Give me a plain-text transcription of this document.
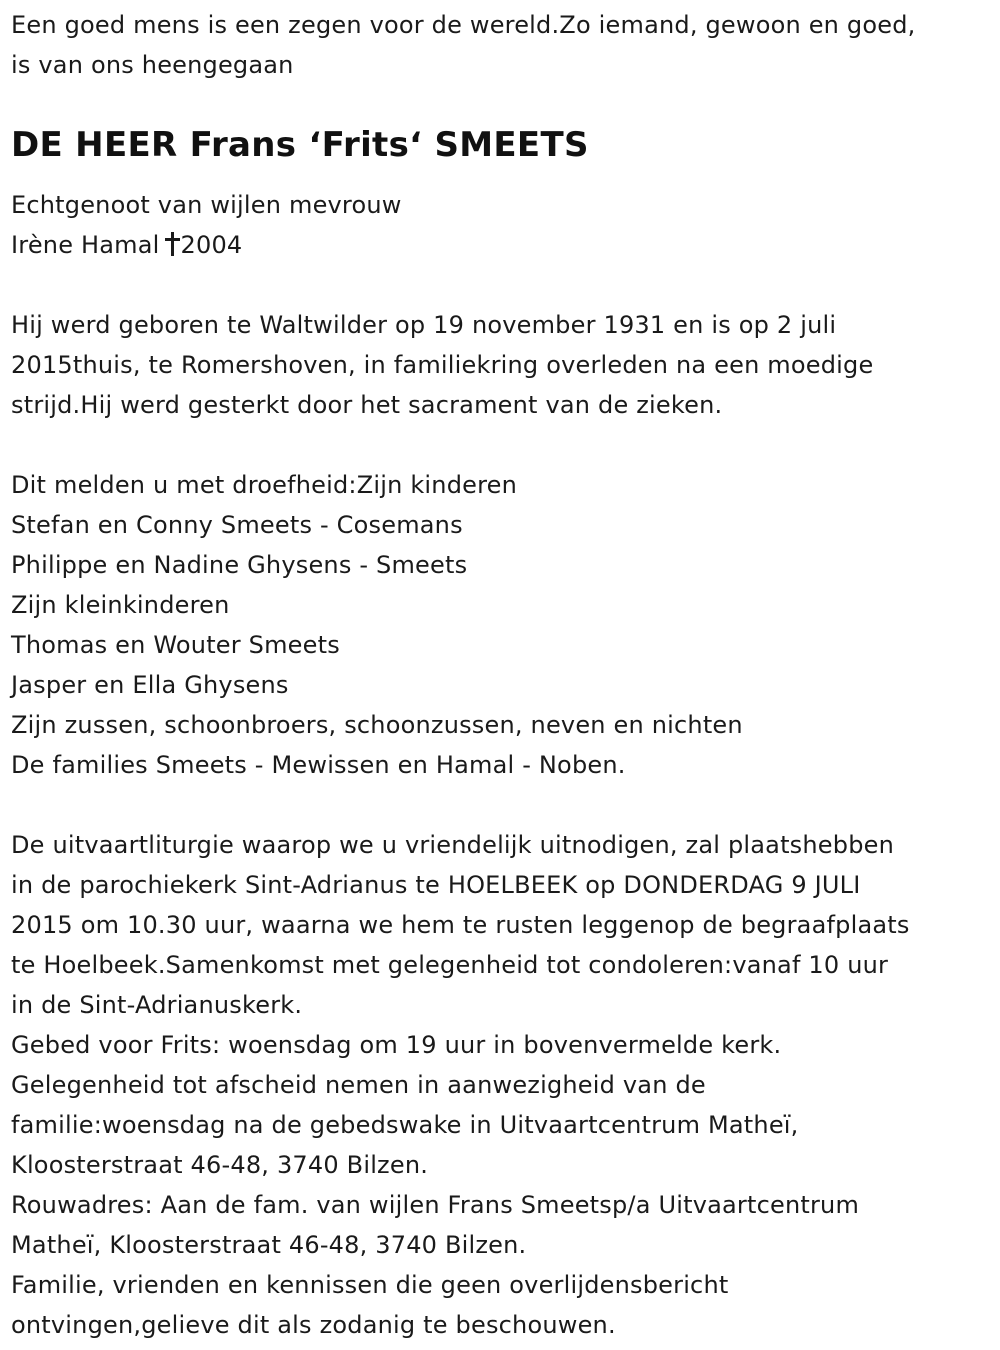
Een goed mens is een zegen voor de wereld.Zo iemand, gewoon en goed,
is van ons heengegaan
DE HEER Frans ‘Frits‘ SMEETS
Echtgenoot van wijlen mevrouw
Irène Hamal 2004
Hij werd geboren te Waltwilder op 19 november 1931 en is op 2 juli
2015thuis, te Romershoven, in familiekring overleden na een moedige
strijd.Hij werd gesterkt door het sacrament van de zieken.
Dit melden u met droefheid:Zijn kinderen
Stefan en Conny Smeets - Cosemans
Philippe en Nadine Ghysens - Smeets
Zijn kleinkinderen
Thomas en Wouter Smeets
Jasper en Ella Ghysens
Zijn zussen, schoonbroers, schoonzussen, neven en nichten
De families Smeets - Mewissen en Hamal - Noben.
De uitvaartliturgie waarop we u vriendelijk uitnodigen, zal plaatshebben
in de parochiekerk Sint-Adrianus te HOELBEEK op DONDERDAG 9 JULI
2015 om 10.30 uur, waarna we hem te rusten leggenop de begraafplaats
te Hoelbeek.Samenkomst met gelegenheid tot condoleren:vanaf 10 uur
in de Sint-Adrianuskerk.
Gebed voor Frits: woensdag om 19 uur in bovenvermelde kerk.
Gelegenheid tot afscheid nemen in aanwezigheid van de
familie:woensdag na de gebedswake in Uitvaartcentrum Matheï,
Kloosterstraat 46-48, 3740 Bilzen.
Rouwadres: Aan de fam. van wijlen Frans Smeetsp/a Uitvaartcentrum
Matheï, Kloosterstraat 46-48, 3740 Bilzen.
Familie, vrienden en kennissen die geen overlijdensbericht
ontvingen,gelieve dit als zodanig te beschouwen.
